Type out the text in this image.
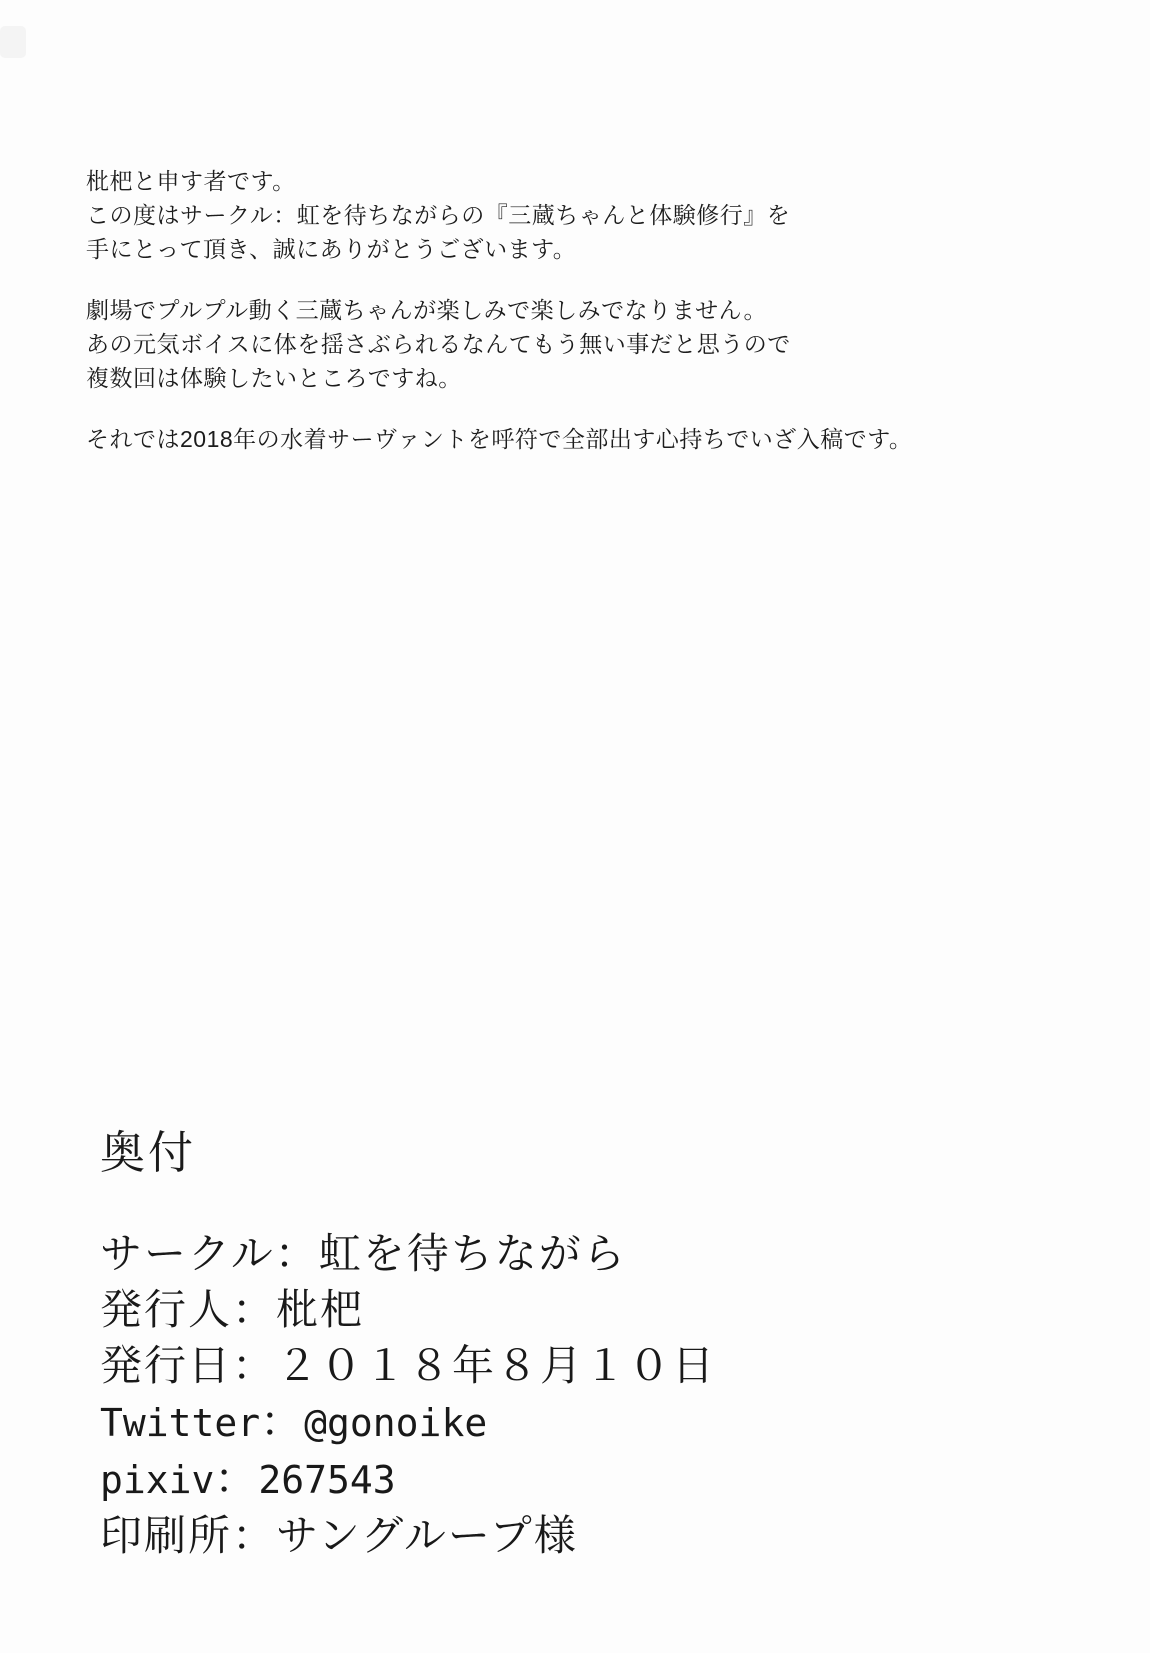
枇杷と申す者です。
この度はサークル：虹を待ちながらの『三蔵ちゃんと体験修行』を
手にとって頂き、誠にありがとうございます。

劇場でプルプル動く三蔵ちゃんが楽しみで楽しみでなりません。
あの元気ボイスに体を揺さぶられるなんてもう無い事だと思うので
複数回は体験したいところですね。

それでは2018年の水着サーヴァントを呼符で全部出す心持ちでいざ入稿です。

奥付
サークル：虹を待ちながら
発行人：枇杷
発行日：２０１８年８月１０日
Twitter：@gonoike
pixiv：267543
印刷所：サングループ様
